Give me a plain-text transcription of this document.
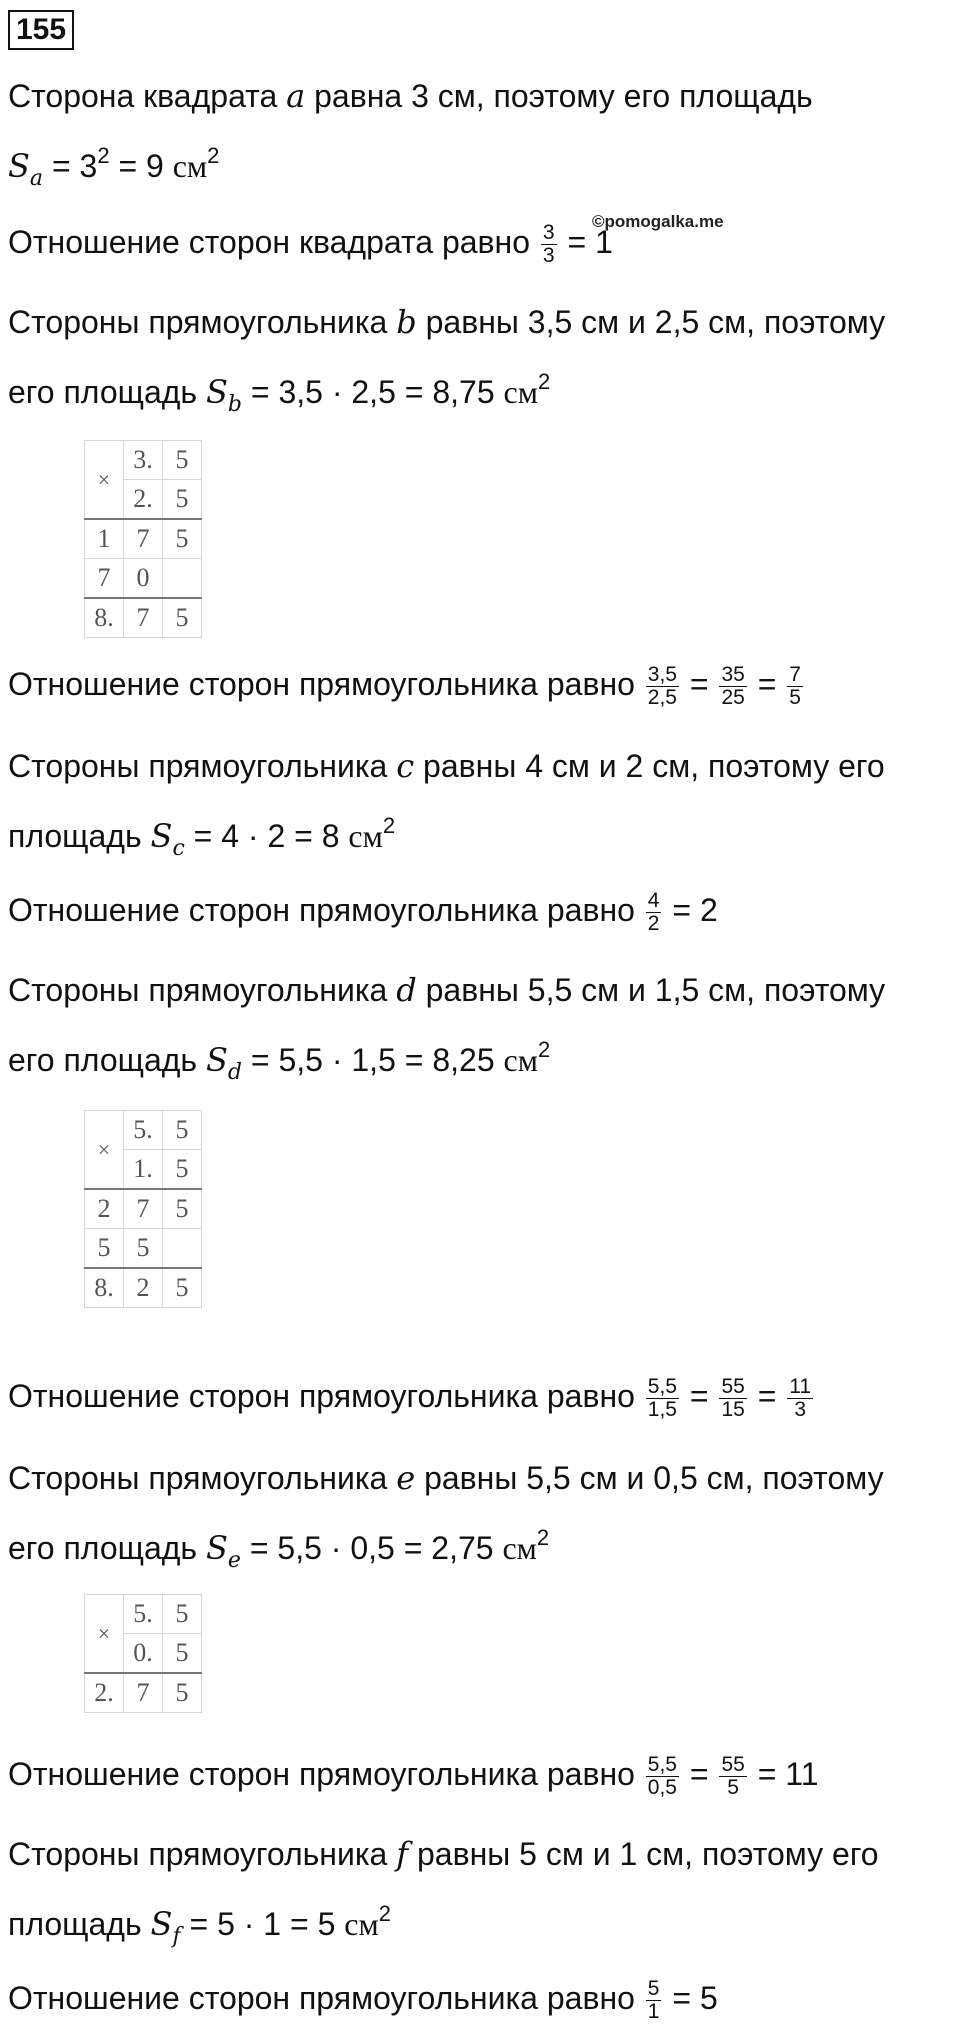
155
Сторона квадрата a равна 3 см, поэтому его площадь
$S_a = 3^2 = 9$ $см^2$
©pomogalka.me
Отношение сторон квадрата равно $\frac{3}{3} = 1$
Стороны прямоугольника b равны 3,5 см и 2,5 см, поэтому
его площадь $S_b = 3,5 \cdot 2,5 = 8,75$ $см^2$
×	3.	5
	2.	5
1	7	5
7	0	
8.	7	5
Отношение сторон прямоугольника равно $\frac{3,5}{2,5} = \frac{35}{25} = \frac{7}{5}$
Стороны прямоугольника c равны 4 см и 2 см, поэтому его
площадь $S_c = 4 \cdot 2 = 8$ $см^2$
Отношение сторон прямоугольника равно $\frac{4}{2} = 2$
Стороны прямоугольника d равны 5,5 см и 1,5 см, поэтому
его площадь $S_d = 5,5 \cdot 1,5 = 8,25$ $см^2$
×	5.	5
	1.	5
2	7	5
5	5	
8.	2	5
Отношение сторон прямоугольника равно $\frac{5,5}{1,5} = \frac{55}{15} = \frac{11}{3}$
Стороны прямоугольника e равны 5,5 см и 0,5 см, поэтому
его площадь $S_e = 5,5 \cdot 0,5 = 2,75$ $см^2$
×	5.	5
	0.	5
2.	7	5
Отношение сторон прямоугольника равно $\frac{5,5}{0,5} = \frac{55}{5} = 11$
Стороны прямоугольника f равны 5 см и 1 см, поэтому его
площадь $S_f = 5 \cdot 1 = 5$ $см^2$
Отношение сторон прямоугольника равно $\frac{5}{1} = 5$
